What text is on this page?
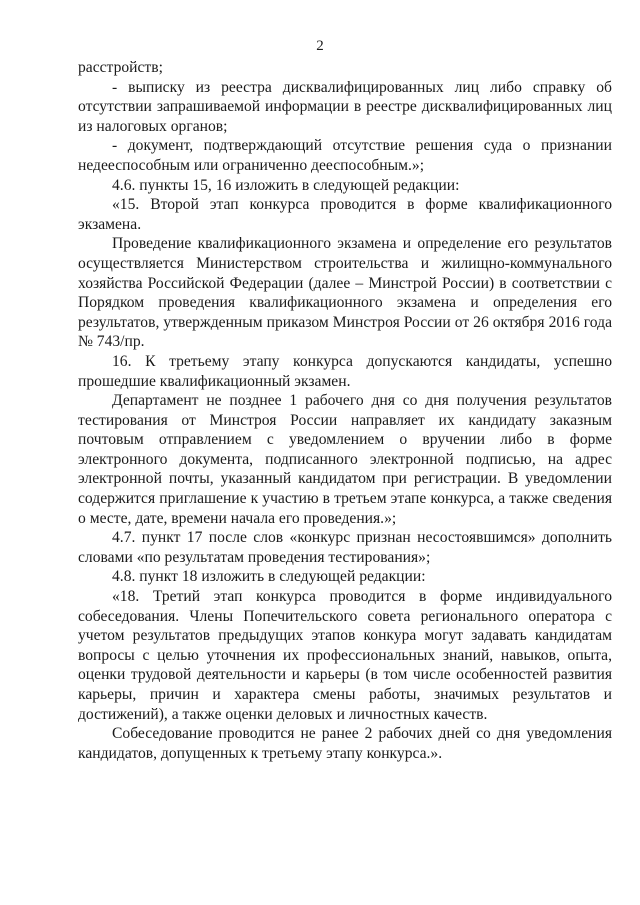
2

расстройств;

- выписку из реестра дисквалифицированных лиц либо справку об отсутствии запрашиваемой информации в реестре дисквалифицированных лиц из налоговых органов;

- документ, подтверждающий отсутствие решения суда о признании недееспособным или ограниченно дееспособным.»;

4.6. пункты 15, 16 изложить в следующей редакции:

«15. Второй этап конкурса проводится в форме квалификационного экзамена.

Проведение квалификационного экзамена и определение его результатов осуществляется Министерством строительства и жилищно-коммунального хозяйства Российской Федерации (далее – Минстрой России) в соответствии с Порядком проведения квалификационного экзамена и определения его результатов, утвержденным приказом Минстроя России от 26 октября 2016 года № 743/пр.

16. К третьему этапу конкурса допускаются кандидаты, успешно прошедшие квалификационный экзамен.

Департамент не позднее 1 рабочего дня со дня получения результатов тестирования от Минстроя России направляет их кандидату заказным почтовым отправлением с уведомлением о вручении либо в форме электронного документа, подписанного электронной подписью, на адрес электронной почты, указанный кандидатом при регистрации. В уведомлении содержится приглашение к участию в третьем этапе конкурса, а также сведения о месте, дате, времени начала его проведения.»;

4.7. пункт 17 после слов «конкурс признан несостоявшимся» дополнить словами «по результатам проведения тестирования»;

4.8. пункт 18 изложить в следующей редакции:

«18. Третий этап конкурса проводится в форме индивидуального собеседования. Члены Попечительского совета регионального оператора с учетом результатов предыдущих этапов конкура могут задавать кандидатам вопросы с целью уточнения их профессиональных знаний, навыков, опыта, оценки трудовой деятельности и карьеры (в том числе особенностей развития карьеры, причин и характера смены работы, значимых результатов и достижений), а также оценки деловых и личностных качеств.

Собеседование проводится не ранее 2 рабочих дней со дня уведомления кандидатов, допущенных к третьему этапу конкурса.».
